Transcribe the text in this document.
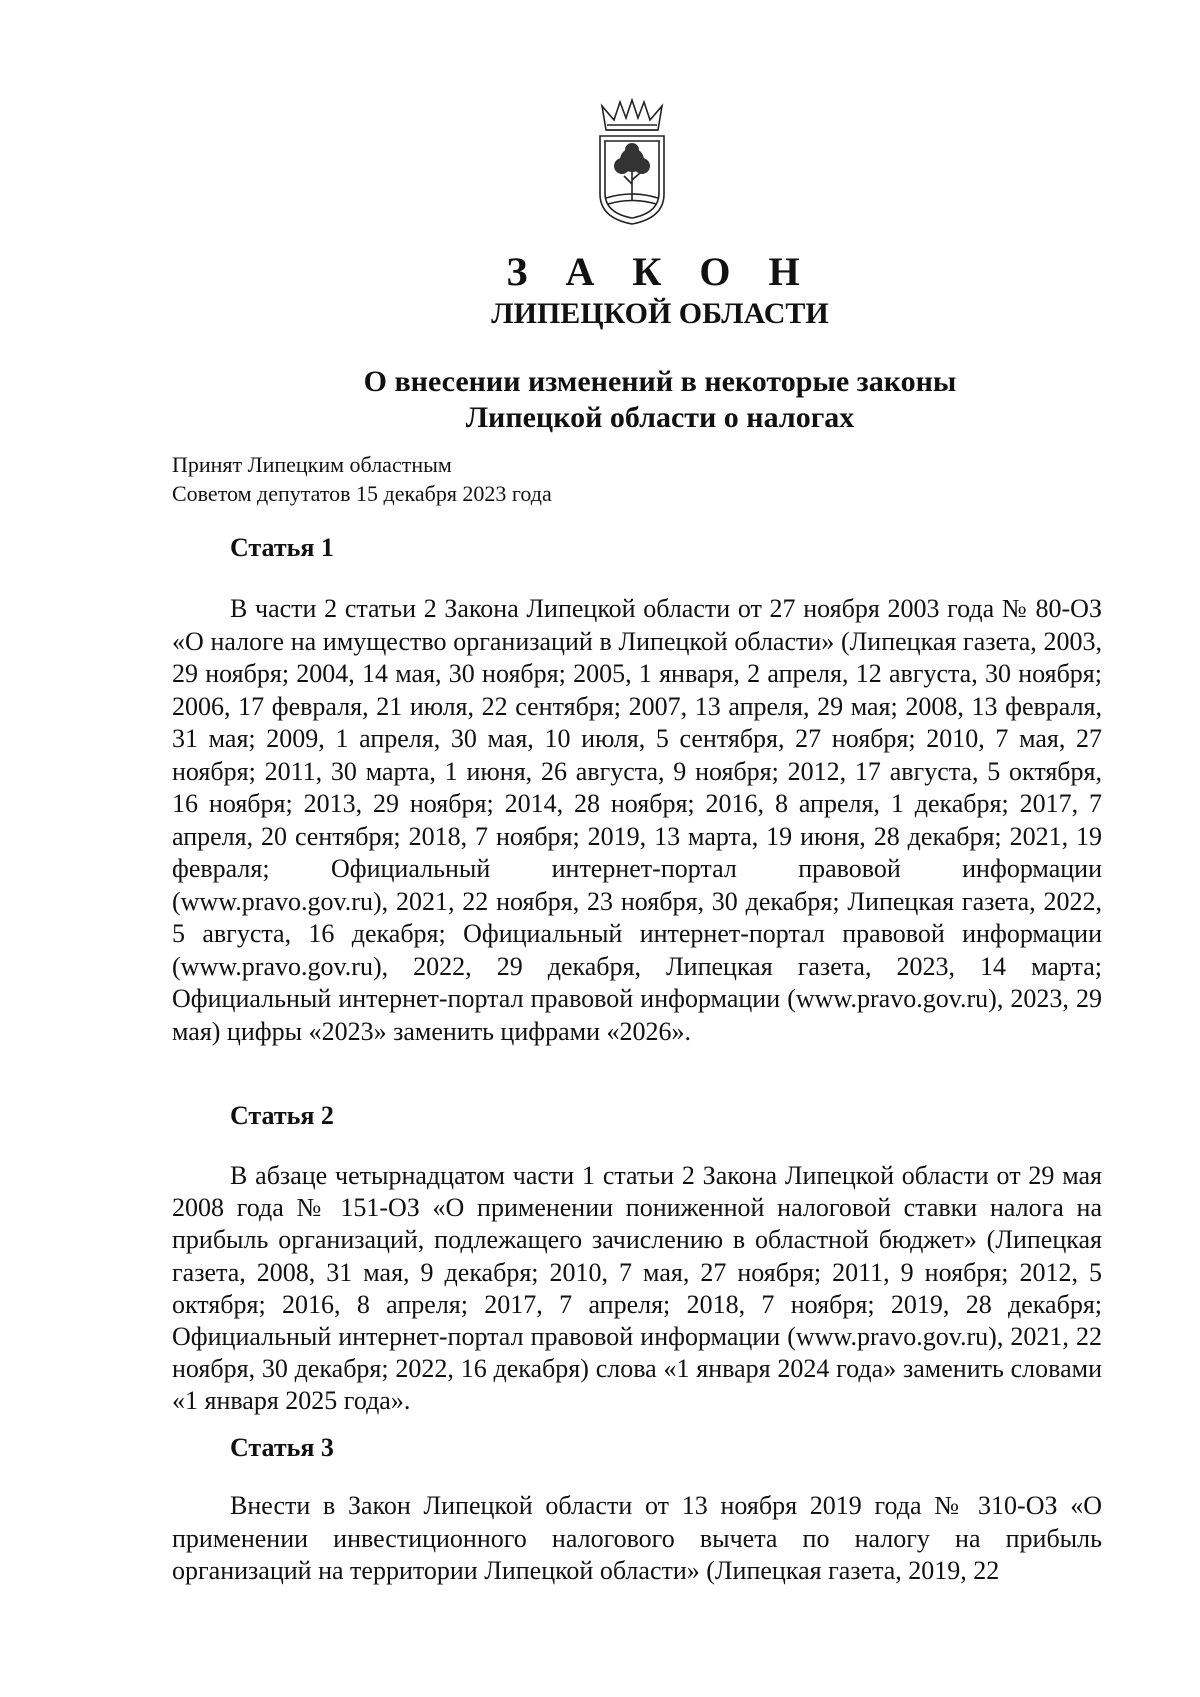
З А К О Н
ЛИПЕЦКОЙ ОБЛАСТИ
О внесении изменений в некоторые законы
Липецкой области о налогах
Принят Липецким областным
Советом депутатов 15 декабря 2023 года
Статья 1

В части 2 статьи 2 Закона Липецкой области от 27 ноября 2003 года № 80-ОЗ «О налоге на имущество организаций в Липецкой области» (Липецкая газета, 2003, 29 ноября; 2004, 14 мая, 30 ноября; 2005, 1 января, 2 апреля, 12 августа, 30 ноября; 2006, 17 февраля, 21 июля, 22 сентября; 2007, 13 апреля, 29 мая; 2008, 13 февраля, 31 мая; 2009, 1 апреля, 30 мая, 10 июля, 5 сентября, 27 ноября; 2010, 7 мая, 27 ноября; 2011, 30 марта, 1 июня, 26 августа, 9 ноября; 2012, 17 августа, 5 октября, 16 ноября; 2013, 29 ноября; 2014, 28 ноября; 2016, 8 апреля, 1 декабря; 2017, 7 апреля, 20 сентября; 2018, 7 ноября; 2019, 13 марта, 19 июня, 28 декабря; 2021, 19 февраля; Официальный интернет-портал правовой информации (www.pravo.gov.ru), 2021, 22 ноября, 23 ноября, 30 декабря; Липецкая газета, 2022, 5 августа, 16 декабря; Официальный интернет-портал правовой информации (www.pravo.gov.ru), 2022, 29 декабря, Липецкая газета, 2023, 14 марта; Официальный интернет-портал правовой информации (www.pravo.gov.ru), 2023, 29 мая) цифры «2023» заменить цифрами «2026».

Статья 2

В абзаце четырнадцатом части 1 статьи 2 Закона Липецкой области от 29 мая 2008 года № 151-ОЗ «О применении пониженной налоговой ставки налога на прибыль организаций, подлежащего зачислению в областной бюджет» (Липецкая газета, 2008, 31 мая, 9 декабря; 2010, 7 мая, 27 ноября; 2011, 9 ноября; 2012, 5 октября; 2016, 8 апреля; 2017, 7 апреля; 2018, 7 ноября; 2019, 28 декабря; Официальный интернет-портал правовой информации (www.pravo.gov.ru), 2021, 22 ноября, 30 декабря; 2022, 16 декабря) слова «1 января 2024 года» заменить словами «1 января 2025 года».

Статья 3

Внести в Закон Липецкой области от 13 ноября 2019 года № 310-ОЗ «О применении инвестиционного налогового вычета по налогу на прибыль организаций на территории Липецкой области» (Липецкая газета, 2019, 22
